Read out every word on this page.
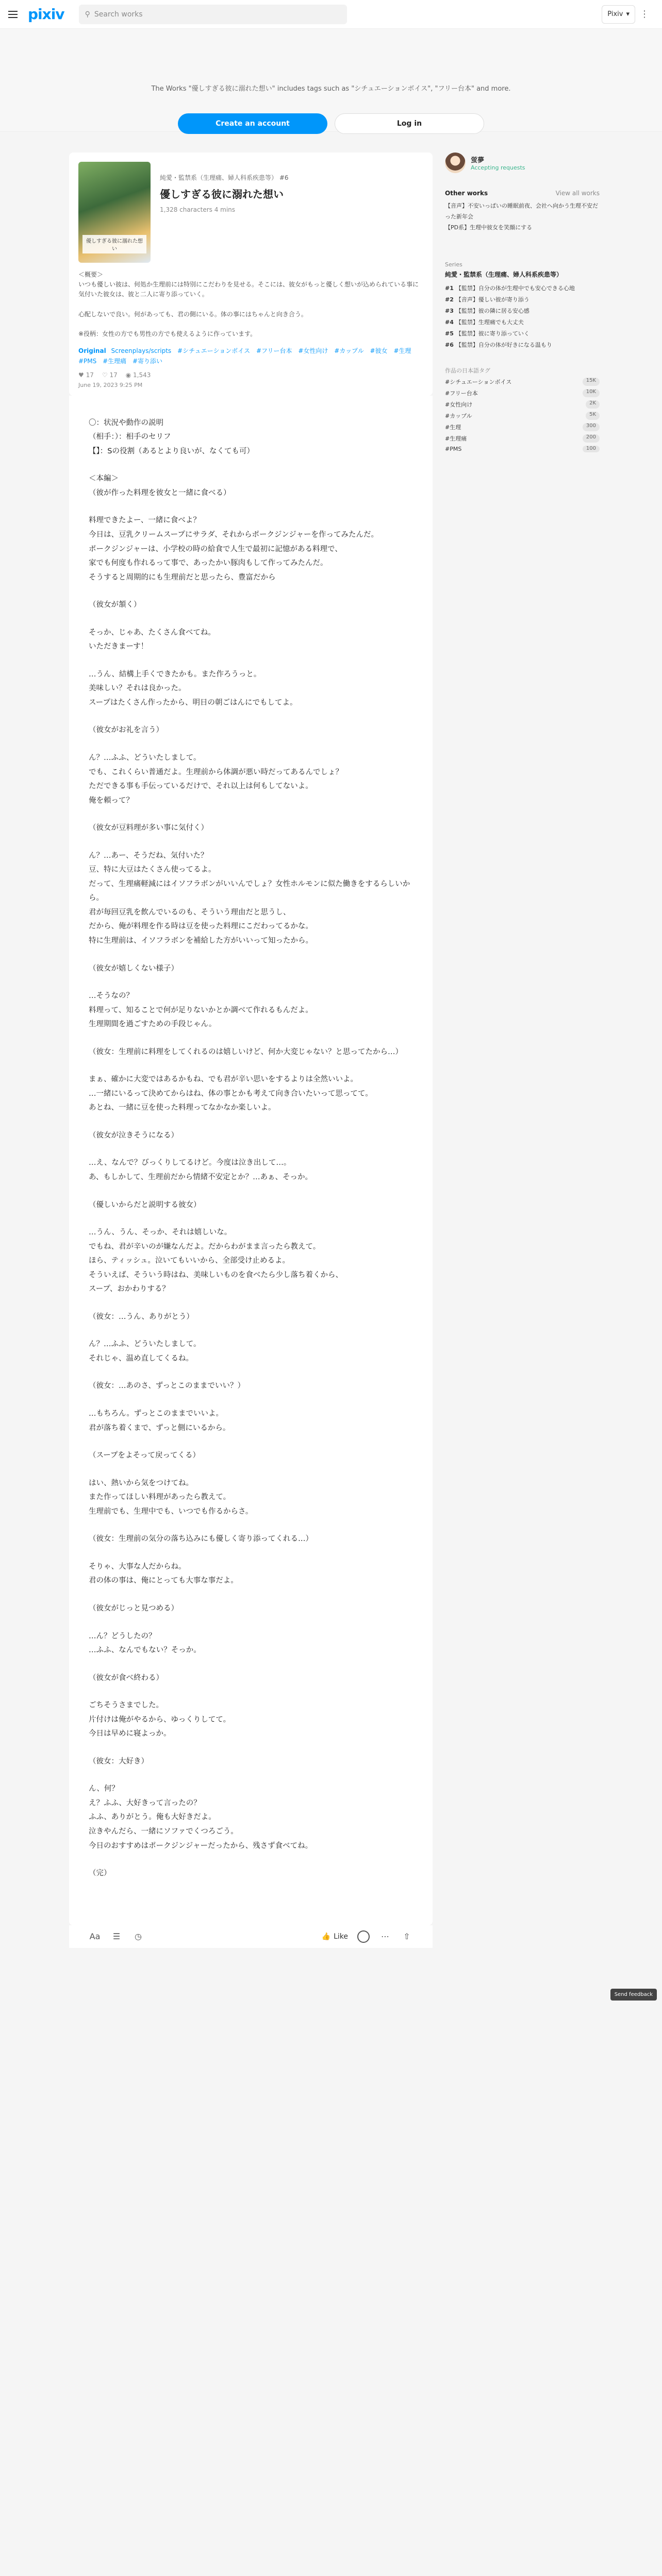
pixiv	⚲ Search works	Pixiv ▾	⋮
The Works "優しすぎる彼に溺れた想い" includes tags such as "シチュエーションボイス", "フリー台本" and more.
Create an account	Log in
優しすぎる彼に溺れた想い
純愛・監禁系（生理痛、婦人科系疾患等） #6
優しすぎる彼に溺れた想い
1,328 characters 4 mins
＜概要＞
いつも優しい彼は、何処か生理前には特別にこだわりを見せる。そこには、彼女がもっと優しく想いが込められている事に気付いた彼女は、彼と二人に寄り添っていく。

心配しないで良い。何があっても、君の側にいる。体の事にはちゃんと向き合う。

※役柄：女性の方でも男性の方でも使えるように作っています。
Original Screenplays/scripts #シチュエーションボイス #フリー台本 #女性向け #カップル #彼女 #生理 #PMS #生理痛 #寄り添い
♥ 17 ♡ 17 ◉ 1,543
June 19, 2023 9:25 PM
〇：状況や動作の説明
（相手：）：相手のセリフ
【】：Sの役割（あるとより良いが、なくても可）
＜本編＞
（彼が作った料理を彼女と一緒に食べる）
料理できたよー、一緒に食べよ？
今日は、豆乳クリームスープにサラダ、それからポークジンジャーを作ってみたんだ。
ポークジンジャーは、小学校の時の給食で人生で最初に記憶がある料理で、
家でも何度も作れるって事で、あったかい豚肉もして作ってみたんだ。
そうすると周期的にも生理前だと思ったら、豊富だから
（彼女が頷く）
そっか、じゃあ、たくさん食べてね。
いただきまーす！
…うん、結構上手くできたかも。また作ろうっと。
美味しい？それは良かった。
スープはたくさん作ったから、明日の朝ごはんにでもしてよ。
（彼女がお礼を言う）
ん？…ふふ、どういたしまして。
でも、これくらい普通だよ。生理前から体調が悪い時だってあるんでしょ？
ただできる事も手伝っているだけで、それ以上は何もしてないよ。
俺を頼って？
（彼女が豆料理が多い事に気付く）
ん？…あー、そうだね、気付いた？
豆、特に大豆はたくさん使ってるよ。
だって、生理痛軽減にはイソフラボンがいいんでしょ？女性ホルモンに似た働きをするらしいから。
君が毎回豆乳を飲んでいるのも、そういう理由だと思うし、
だから、俺が料理を作る時は豆を使った料理にこだわってるかな。
特に生理前は、イソフラボンを補給した方がいいって知ったから。
（彼女が嬉しくない様子）
…そうなの？
料理って、知ることで何が足りないかとか調べて作れるもんだよ。
生理期間を過ごすための手段じゃん。
（彼女：生理前に料理をしてくれるのは嬉しいけど、何か大変じゃない？と思ってたから…）
まぁ、確かに大変ではあるかもね、でも君が辛い思いをするよりは全然いいよ。
…一緒にいるって決めてからはね、体の事とかも考えて向き合いたいって思ってて。
あとね、一緒に豆を使った料理ってなかなか楽しいよ。
（彼女が泣きそうになる）
…え、なんで？びっくりしてるけど。今度は泣き出して…。
あ、もしかして、生理前だから情緒不安定とか？…あぁ、そっか。
（優しいからだと説明する彼女）
…うん、うん、そっか、それは嬉しいな。
でもね、君が辛いのが嫌なんだよ。だからわがまま言ったら教えて。
ほら、ティッシュ。泣いてもいいから、全部受け止めるよ。
そういえば、そういう時はね、美味しいものを食べたら少し落ち着くから、
スープ、おかわりする？
（彼女：…うん、ありがとう）
ん？…ふふ、どういたしまして。
それじゃ、温め直してくるね。
（彼女：…あのさ、ずっとこのままでいい？）
…もちろん。ずっとこのままでいいよ。
君が落ち着くまで、ずっと側にいるから。
（スープをよそって戻ってくる）
はい、熱いから気をつけてね。
また作ってほしい料理があったら教えて。
生理前でも、生理中でも、いつでも作るからさ。
（彼女：生理前の気分の落ち込みにも優しく寄り添ってくれる…）
そりゃ、大事な人だからね。
君の体の事は、俺にとっても大事な事だよ。
（彼女がじっと見つめる）
…ん？どうしたの？
…ふふ、なんでもない？そっか。
（彼女が食べ終わる）
ごちそうさまでした。
片付けは俺がやるから、ゆっくりしてて。
今日は早めに寝よっか。
（彼女：大好き）
ん、何？
え？ふふ、大好きって言ったの？
ふふ、ありがとう。俺も大好きだよ。
泣きやんだら、一緒にソファでくつろごう。
今日のおすすめはポークジンジャーだったから、残さず食べてね。
（完）
Aa	☰	◷	👍 Like	⋯	⇧
蛍夢
Accepting requests
Other works	View all works
【音声】不安いっぱいの睡眠前夜、会社へ向かう生理不安だった新年会
【PD系】生理中彼女を笑顔にする
Series
純愛・監禁系（生理痛、婦人科系疾患等）
#1 【監禁】自分の体が生理中でも安心できる心地
#2 【音声】優しい彼が寄り添う
#3 【監禁】彼の隣に居る安心感
#4 【監禁】生理痛でも大丈夫
#5 【監禁】彼に寄り添っていく
#6 【監禁】自分の体が好きになる温もり
作品の日本語タグ
#シチュエーションボイス	15K
#フリー台本	10K
#女性向け	2K
#カップル	5K
#生理	300
#生理痛	200
#PMS	100
Send feedback
